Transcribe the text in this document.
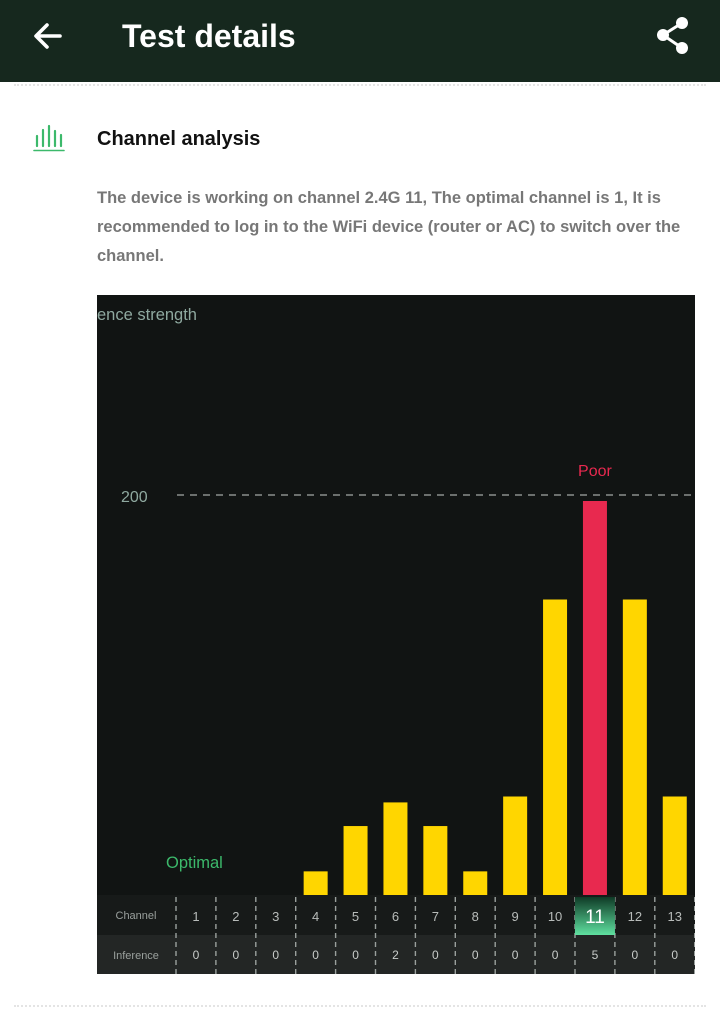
Test details
Channel analysis
The device is working on channel 2.4G 11, The optimal channel is 1, It is recommended to log in to the WiFi device (router or AC) to switch over the channel.
200
ence strength
Optimal
Channel
Inference
1
0
2
0
3
0
4
0
5
0
6
2
7
0
8
0
9
0
10
0
Poor
11
5
12
0
13
0
